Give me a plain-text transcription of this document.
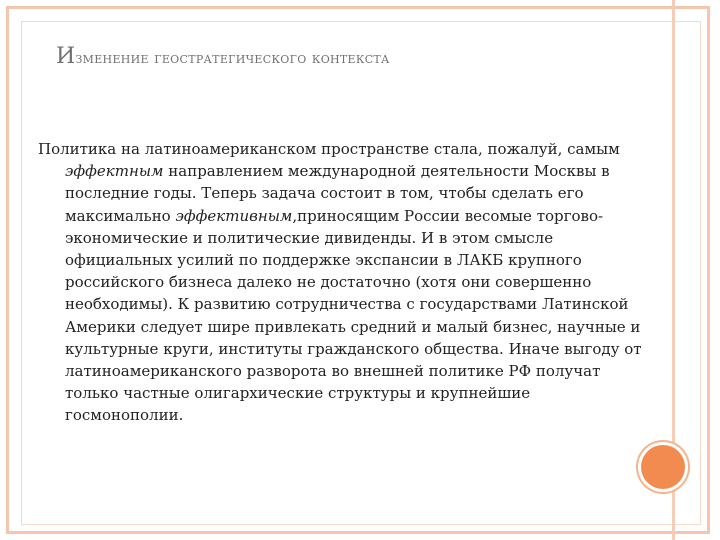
Изменение геостратегического контекста

Политика на латиноамериканском пространстве стала, пожалуй, самым эффектным направлением международной деятельности Москвы в последние годы. Теперь задача состоит в том, чтобы сделать его максимально эффективным,приносящим России весомые торгово-экономические и политические дивиденды. И в этом смысле официальных усилий по поддержке экспансии в ЛАКБ крупного российского бизнеса далеко не достаточно (хотя они совершенно необходимы). К развитию сотрудничества с государствами Латинской Америки следует шире привлекать средний и малый бизнес, научные и культурные круги, институты гражданского общества. Иначе выгоду от латиноамериканского разворота во внешней политике РФ получат только частные олигархические структуры и крупнейшие госмонополии.
